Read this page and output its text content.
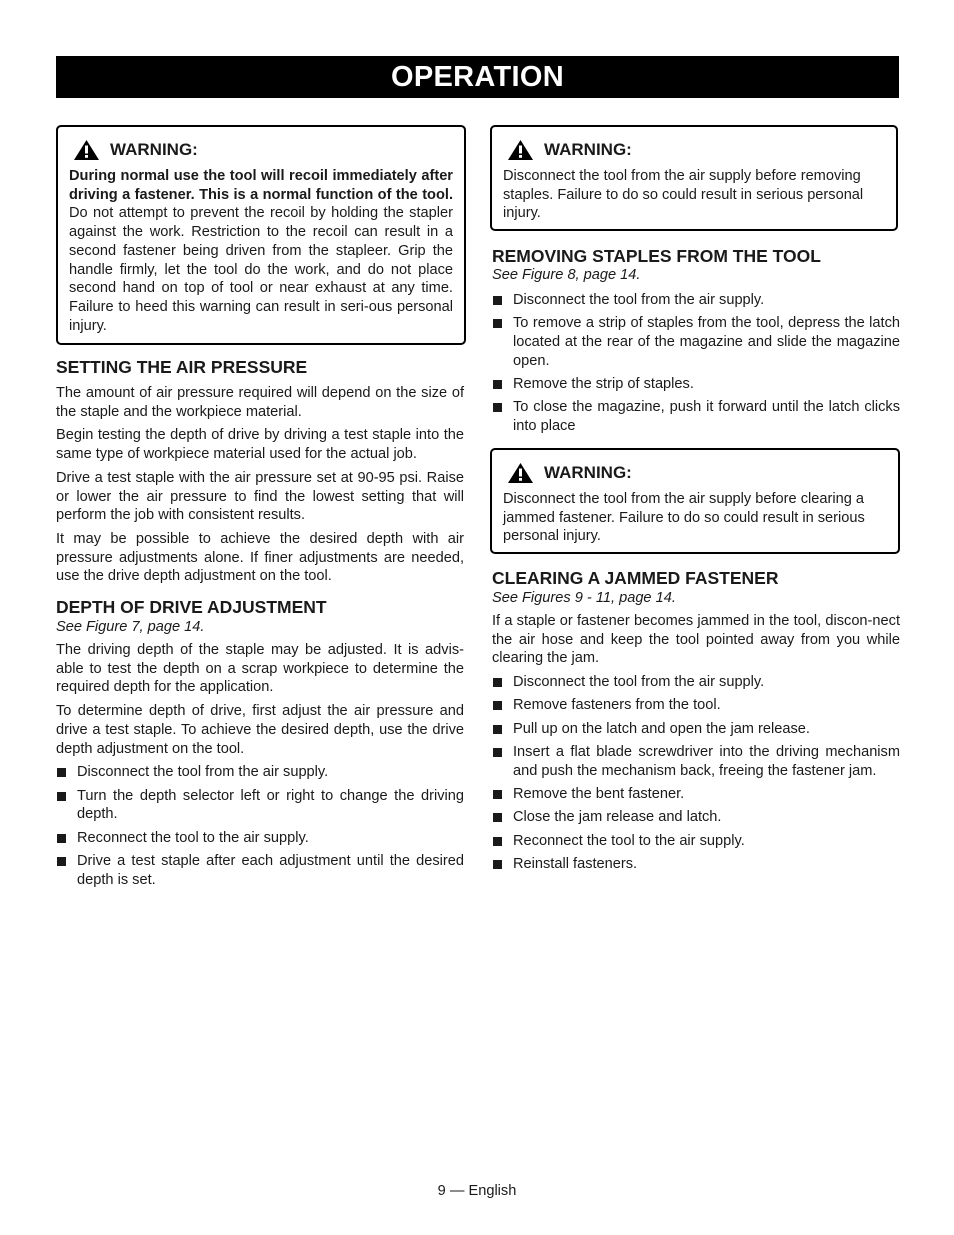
OPERATION
WARNING:
During normal use the tool will recoil immediately after driving a fastener. This is a normal function of the tool. Do not attempt to prevent the recoil by holding the stapler against the work. Restriction to the recoil can result in a second fastener being driven from the stapleer. Grip the handle firmly, let the tool do the work, and do not place second hand on top of tool or near exhaust at any time. Failure to heed this warning can result in seri-ous personal injury.
SETTING THE AIR PRESSURE

The amount of air pressure required will depend on the size of the staple and the workpiece material.

Begin testing the depth of drive by driving a test staple into the same type of workpiece material used for the actual job.

Drive a test staple with the air pressure set at 90-95 psi. Raise or lower the air pressure to find the lowest setting that will perform the job with consistent results.

It may be possible to achieve the desired depth with air pressure adjustments alone. If finer adjustments are needed, use the drive depth adjustment on the tool.

DEPTH OF DRIVE ADJUSTMENT
See Figure 7, page 14.

The driving depth of the staple may be adjusted. It is advis-able to test the depth on a scrap workpiece to determine the required depth for the application.

To determine depth of drive, first adjust the air pressure and drive a test staple. To achieve the desired depth, use the drive depth adjustment on the tool.

Disconnect the tool from the air supply.
Turn the depth selector left or right to change the driving depth.
Reconnect the tool to the air supply.
Drive a test staple after each adjustment until the desired depth is set.
WARNING:
Disconnect the tool from the air supply before removing staples. Failure to do so could result in serious personal injury.
REMOVING STAPLES FROM THE TOOL
See Figure 8, page 14.
Disconnect the tool from the air supply.
To remove a strip of staples from the tool, depress the latch located at the rear of the magazine and slide the magazine open.
Remove the strip of staples.
To close the magazine, push it forward until the latch clicks into place
WARNING:
Disconnect the tool from the air supply before clearing a jammed fastener. Failure to do so could result in serious personal injury.
CLEARING A JAMMED FASTENER
See Figures 9 - 11, page 14.

If a staple or fastener becomes jammed in the tool, discon-nect the air hose and keep the tool pointed away from you while clearing the jam.

Disconnect the tool from the air supply.
Remove fasteners from the tool.
Pull up on the latch and open the jam release.
Insert a flat blade screwdriver into the driving mechanism and push the mechanism back, freeing the fastener jam.
Remove the bent fastener.
Close the jam release and latch.
Reconnect the tool to the air supply.
Reinstall fasteners.
9 — English
